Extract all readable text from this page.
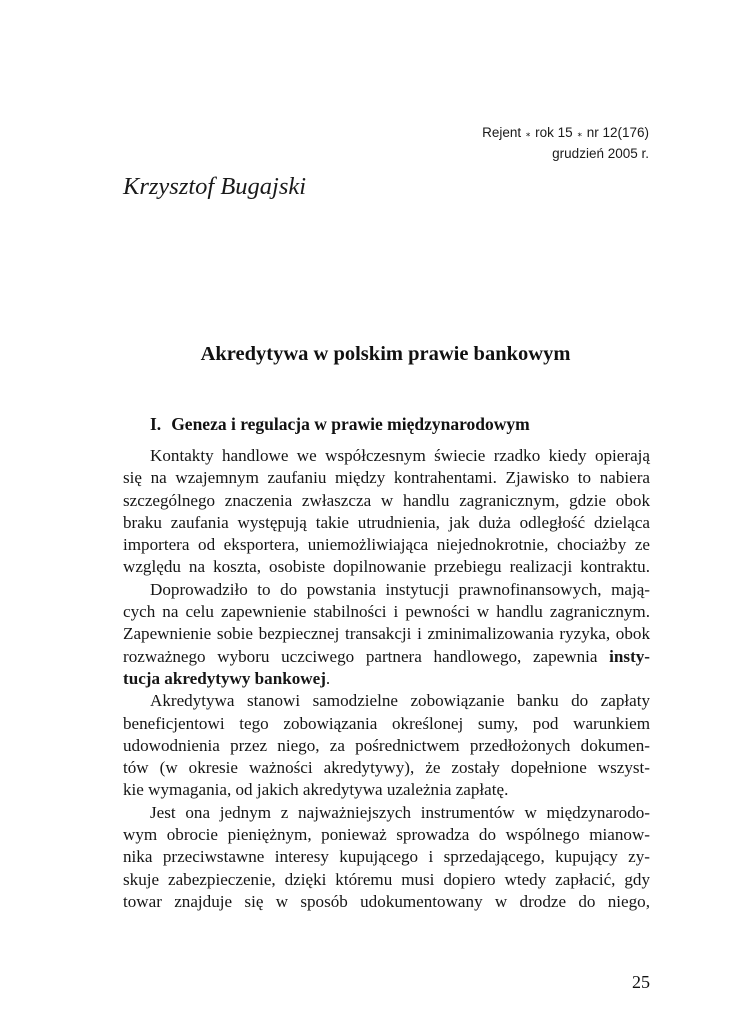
Rejent ⁎ rok 15 ⁎ nr 12(176)
grudzień 2005 r.
Krzysztof Bugajski
Akredytywa w polskim prawie bankowym
I. Geneza i regulacja w prawie międzynarodowym
Kontakty handlowe we współczesnym świecie rzadko kiedy opierają
się na wzajemnym zaufaniu między kontrahentami. Zjawisko to nabiera
szczególnego znaczenia zwłaszcza w handlu zagranicznym, gdzie obok
braku zaufania występują takie utrudnienia, jak duża odległość dzieląca
importera od eksportera, uniemożliwiająca niejednokrotnie, chociażby ze
względu na koszta, osobiste dopilnowanie przebiegu realizacji kontraktu.
Doprowadziło to do powstania instytucji prawnofinansowych, mają-
cych na celu zapewnienie stabilności i pewności w handlu zagranicznym.
Zapewnienie sobie bezpiecznej transakcji i zminimalizowania ryzyka, obok
rozważnego wyboru uczciwego partnera handlowego, zapewnia insty-
tucja akredytywy bankowej.
Akredytywa stanowi samodzielne zobowiązanie banku do zapłaty
beneficjentowi tego zobowiązania określonej sumy, pod warunkiem
udowodnienia przez niego, za pośrednictwem przedłożonych dokumen-
tów (w okresie ważności akredytywy), że zostały dopełnione wszyst-
kie wymagania, od jakich akredytywa uzależnia zapłatę.
Jest ona jednym z najważniejszych instrumentów w międzynarodo-
wym obrocie pieniężnym, ponieważ sprowadza do wspólnego mianow-
nika przeciwstawne interesy kupującego i sprzedającego, kupujący zy-
skuje zabezpieczenie, dzięki któremu musi dopiero wtedy zapłacić, gdy
towar znajduje się w sposób udokumentowany w drodze do niego,
25
